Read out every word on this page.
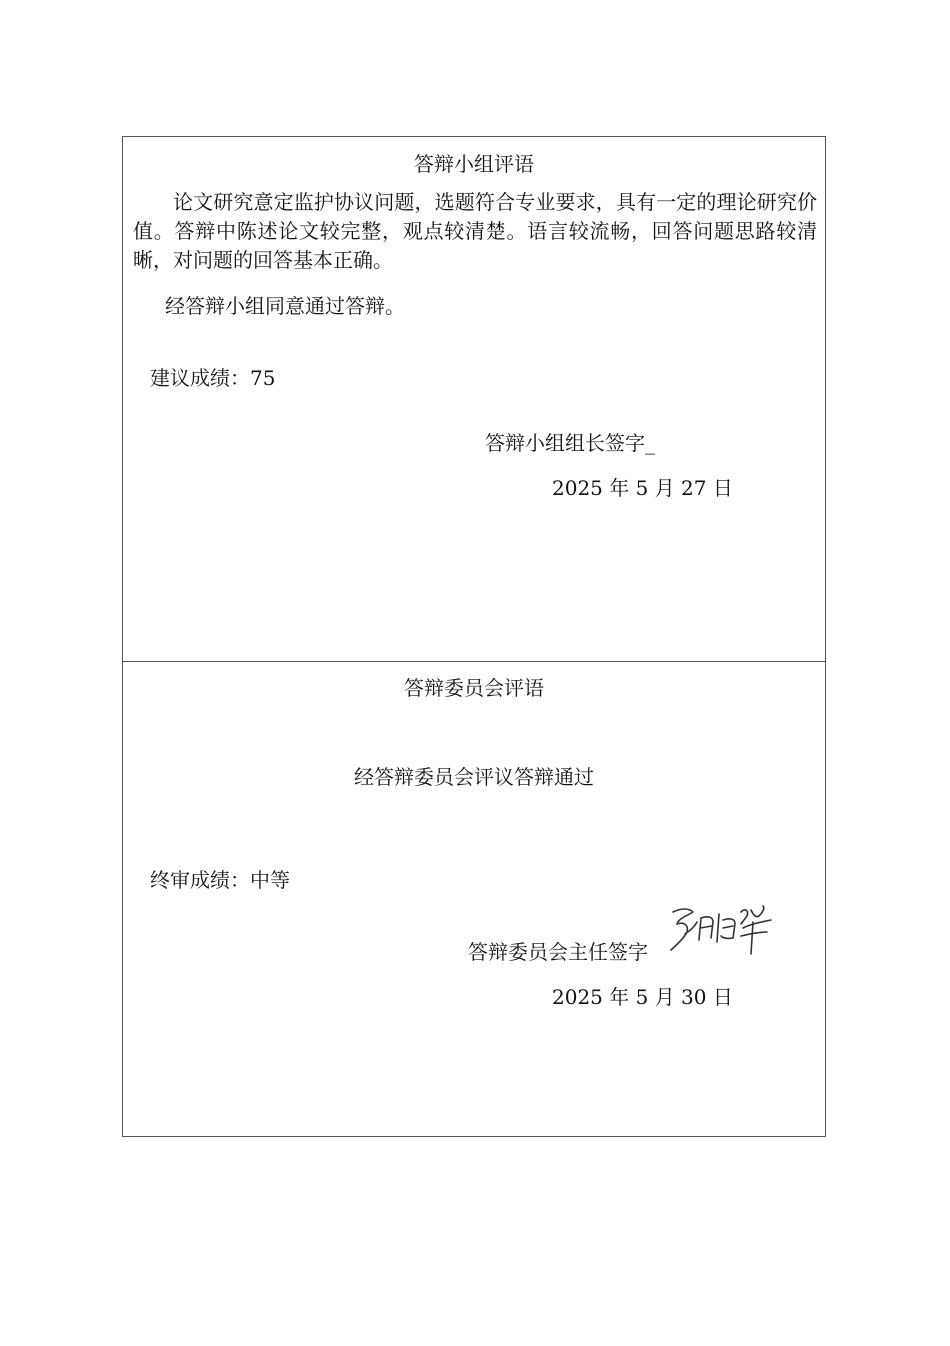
答辩小组评语
论文研究意定监护协议问题，选题符合专业要求，具有一定的理论研究价值。答辩中陈述论文较完整，观点较清楚。语言较流畅，回答问题思路较清晰，对问题的回答基本正确。
经答辩小组同意通过答辩。
建议成绩：75
答辩小组组长签字_
2025 年 5 月 27 日
答辩委员会评语
经答辩委员会评议答辩通过
终审成绩：中等
答辩委员会主任签字
2025 年 5 月 30 日
